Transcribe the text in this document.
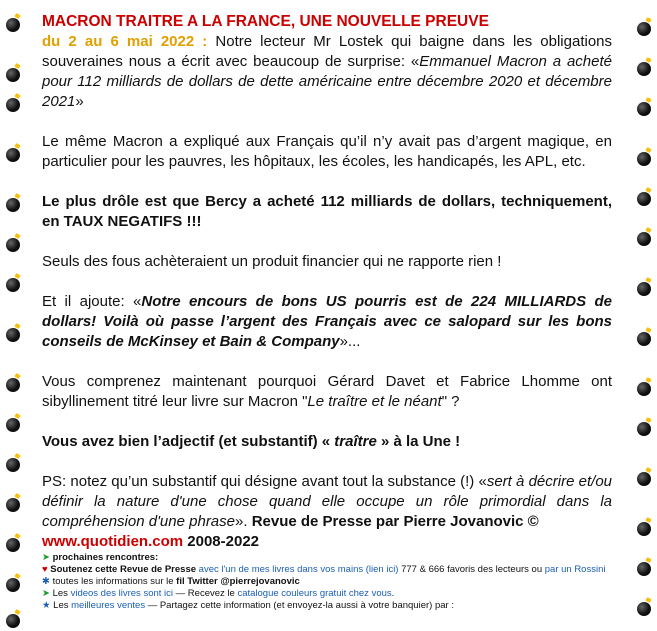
MACRON TRAITRE A LA FRANCE, UNE NOUVELLE PREUVE

du 2 au 6 mai 2022 : Notre lecteur Mr Lostek qui baigne dans les obligations souveraines nous a écrit avec beaucoup de surprise: «Emmanuel Macron a acheté pour 112 milliards de dollars de dette américaine entre décembre 2020 et décembre 2021»

Le même Macron a expliqué aux Français qu’il n’y avait pas d’argent magique, en particulier pour les pauvres, les hôpitaux, les écoles, les handicapés, les APL, etc.

Le plus drôle est que Bercy a acheté 112 milliards de dollars, techniquement, en TAUX NEGATIFS !!!

Seuls des fous achèteraient un produit financier qui ne rapporte rien !

Et il ajoute: «Notre encours de bons US pourris est de 224 MILLIARDS de dollars! Voilà où passe l’argent des Français avec ce salopard sur les bons conseils de McKinsey et Bain & Company»...

Vous comprenez maintenant pourquoi Gérard Davet et Fabrice Lhomme ont sibyllinement titré leur livre sur Macron "Le traître et le néant" ?

Vous avez bien l’adjectif (et substantif) « traître » à la Une !

PS: notez qu’un substantif qui désigne avant tout la substance (!) «sert à décrire et/ou définir la nature d'une chose quand elle occupe un rôle primordial dans la compréhension d'une phrase». Revue de Presse par Pierre Jovanovic ©
www.quotidien.com 2008-2022

➤ prochaines rencontres:
♥ Soutenez cette Revue de Presse avec l'un de mes livres dans vos mains (lien ici) 777 & 666 favoris des lecteurs ou par un Rossini
✱ toutes les informations sur le fil Twitter @pierrejovanovic
➤ Les videos des livres sont ici — Recevez le catalogue couleurs gratuit chez vous.
★ Les meilleures ventes — Partagez cette information (et envoyez-la aussi à votre banquier) par :
